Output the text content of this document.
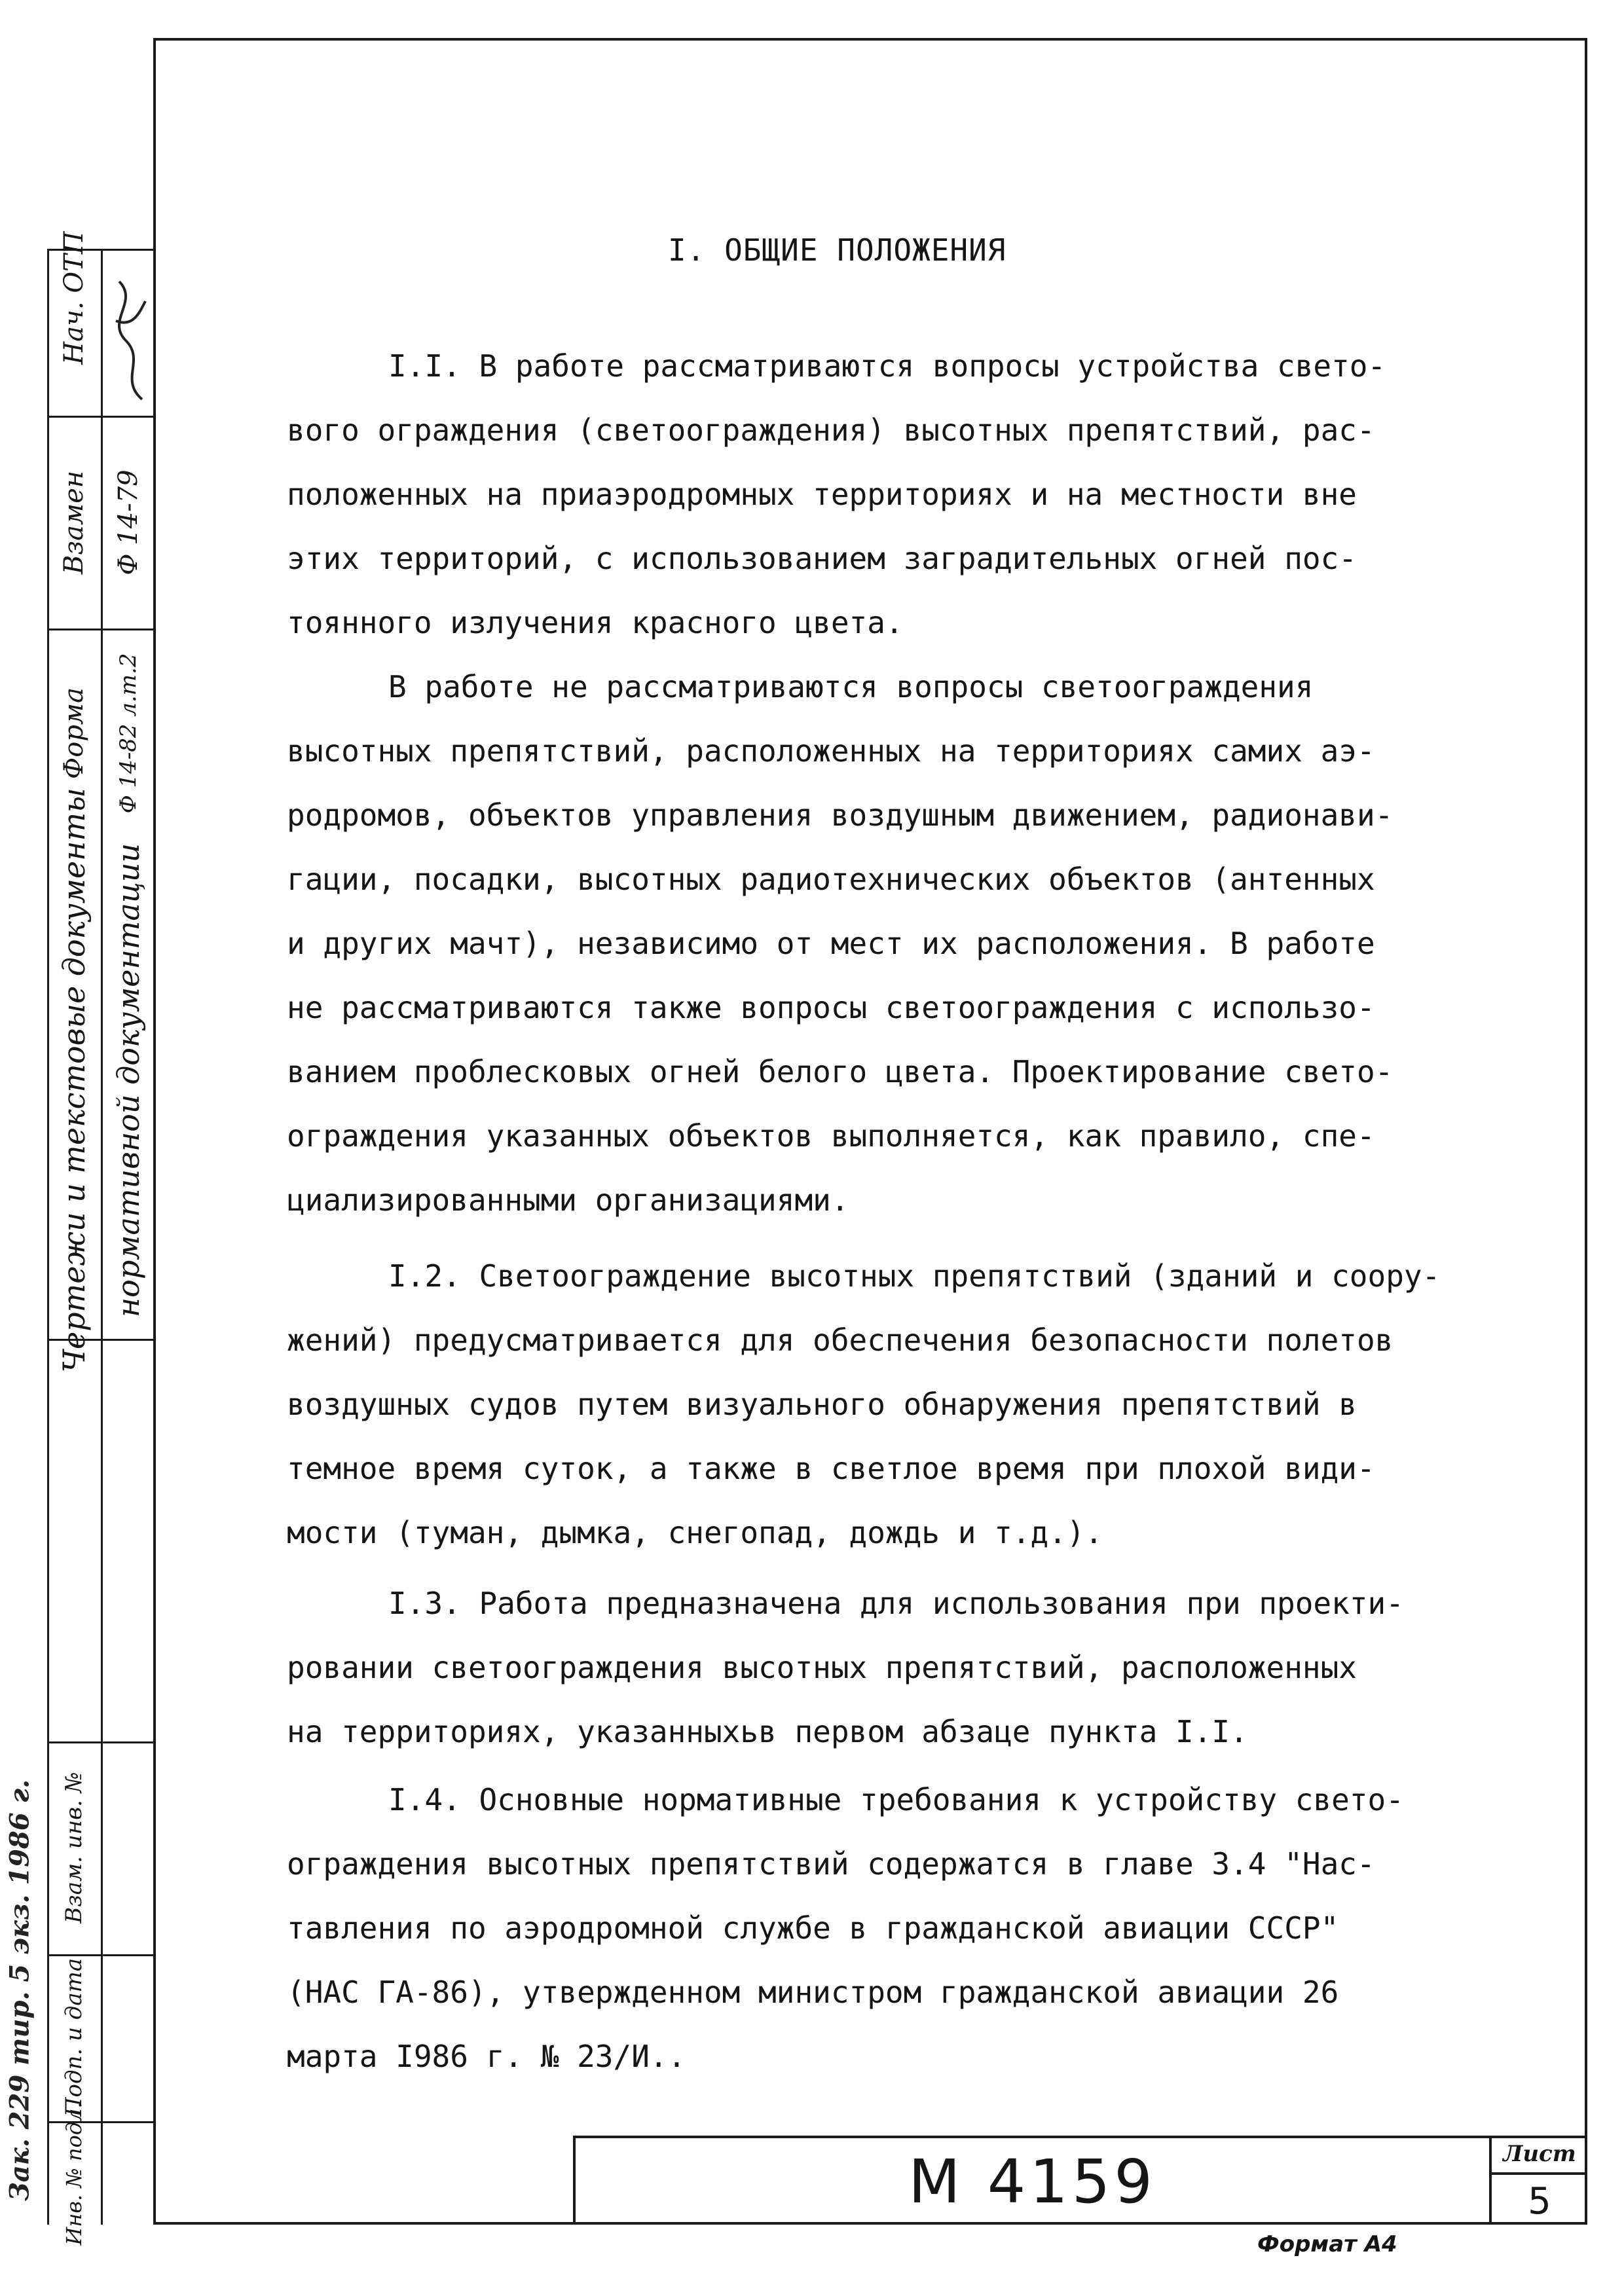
Нач. ОТП
Взамен
Форма
Ф 14-79
Ф 14-82 л.т.2
Чертежи и текстовые документы нормативной документации
Взам. инв. №
Подп. и дата
Инв. № подл.
Зак. 229 тир. 5 экз. 1986 г.
I. ОБЩИЕ ПОЛОЖЕНИЯ
I.I. В работе рассматриваются вопросы устройства свето-
вого ограждения (светоограждения) высотных препятствий, рас-
положенных на приаэродромных территориях и на местности вне
этих территорий, с использованием заградительных огней пос-
тоянного излучения красного цвета.
В работе не рассматриваются вопросы светоограждения
высотных препятствий, расположенных на территориях самих аэ-
родромов, объектов управления воздушным движением, радионави-
гации, посадки, высотных радиотехнических объектов (антенных
и других мачт), независимо от мест их расположения. В работе
не рассматриваются также вопросы светоограждения с использо-
ванием проблесковых огней белого цвета. Проектирование свето-
ограждения указанных объектов выполняется, как правило, спе-
циализированными организациями.
I.2. Светоограждение высотных препятствий (зданий и соору-
жений) предусматривается для обеспечения безопасности полетов
воздушных судов путем визуального обнаружения препятствий в
темное время суток, а также в светлое время при плохой види-
мости (туман, дымка, снегопад, дождь и т.д.).
I.3. Работа предназначена для использования при проекти-
ровании светоограждения высотных препятствий, расположенных
на территориях, указанныхьв первом абзаце пункта I.I.
I.4. Основные нормативные требования к устройству свето-
ограждения высотных препятствий содержатся в главе 3.4 "Нас-
тавления по аэродромной службе в гражданской авиации СССР"
(НАС ГА-86), утвержденном министром гражданской авиации 26
марта I986 г. № 23/И..
М 4159	Лист
5
Формат А4
